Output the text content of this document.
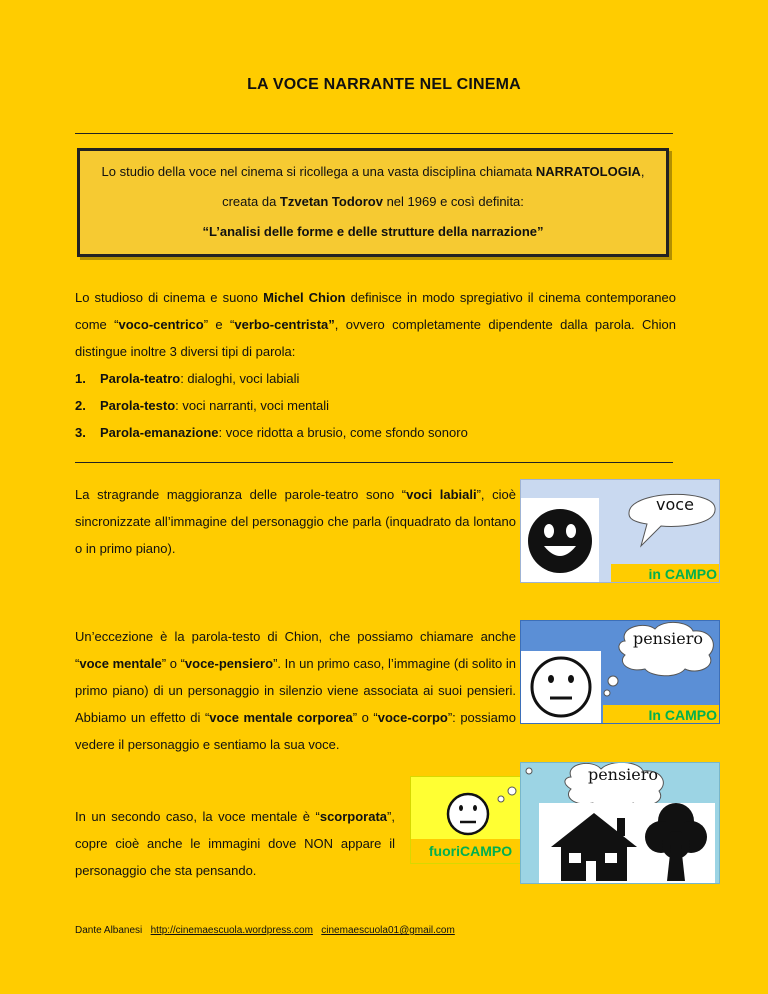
LA VOCE NARRANTE NEL CINEMA
Lo studio della voce nel cinema si ricollega a una vasta disciplina chiamata NARRATOLOGIA,
creata da Tzvetan Todorov nel 1969 e così definita:
“L’analisi delle forme e delle strutture della narrazione”
Lo studioso di cinema e suono Michel Chion definisce in modo spregiativo il cinema contemporaneo come “voco-centrico” e “verbo-centrista”, ovvero completamente dipendente dalla parola. Chion distingue inoltre 3 diversi tipi di parola:
1. Parola-teatro: dialoghi, voci labiali
2. Parola-testo: voci narranti, voci mentali
3. Parola-emanazione: voce ridotta a brusio, come sfondo sonoro
La stragrande maggioranza delle parole-teatro sono “voci labiali”, cioè sincronizzate all’immagine del personaggio che parla (inquadrato da lontano o in primo piano).
voce
in CAMPO
Un’eccezione è la parola-testo di Chion, che possiamo chiamare anche “voce mentale” o “voce-pensiero”. In un primo caso, l’immagine (di solito in primo piano) di un personaggio in silenzio viene associata ai suoi pensieri. Abbiamo un effetto di “voce mentale corporea” o “voce-corpo”: possiamo vedere il personaggio e sentiamo la sua voce.
pensiero
In CAMPO
In un secondo caso, la voce mentale è “scorporata”, copre cioè anche le immagini dove NON appare il personaggio che sta pensando.
fuoriCAMPO
pensiero
Dante Albanesi http://cinemaescuola.wordpress.com cinemaescuola01@gmail.com
